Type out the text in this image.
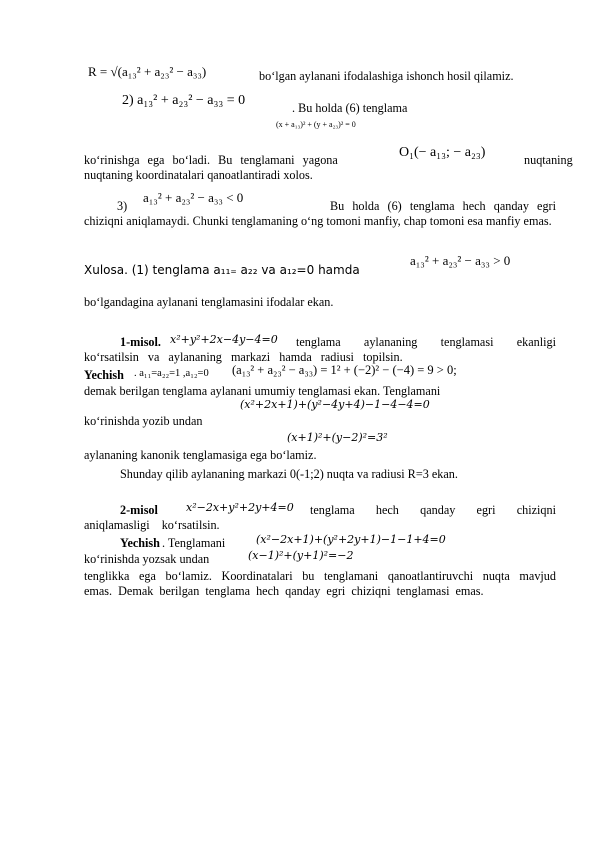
R = √(a₁₃² + a₂₃² − a₃₃)	bo‘lgan aylanani ifodalashiga ishonch hosil qilamiz.
2) a₁₃² + a₂₃² − a₃₃ = 0	. Bu holda (6) tenglama
(x + a₁₃)² + (y + a₂₃)² = 0
ko‘rinishga ega bo‘ladi. Bu tenglamani yagona	O₁(− a₁₃; − a₂₃)	nuqtaning
nuqtaning koordinatalari qanoatlantiradi xolos.
3)
a₁₃² + a₂₃² − a₃₃ < 0
Bu holda (6) tenglama hech qanday egri chiziqni aniqlamaydi. Chunki tenglamaning o‘ng tomoni manfiy, chap tomoni esa manfiy emas.
Xulosa. (1) tenglama a₁₁₌ a₂₂ va a₁₂=0 hamda
a₁₃² + a₂₃² − a₃₃ > 0
bo‘lgandagina aylanani tenglamasini ifodalar ekan.
1-misol. x²+y²+2x−4y−4=0	tenglama aylananing tenglamasi ekanligi ko‘rsatilsin va aylananing markazi hamda radiusi topilsin.
Yechish . a₁₁=a₂₂=1 ,a₁₂=0 (a₁₃² + a₂₃² − a₃₃) = 1² + (−2)² − (−4) = 9 > 0;
demak berilgan tenglama aylanani umumiy tenglamasi ekan. Tenglamani
(x²+2x+1)+(y²−4y+4)−1−4−4=0
ko‘rinishda yozib undan
(x+1)²+(y−2)²=3²
aylananing kanonik tenglamasiga ega bo‘lamiz.
Shunday qilib aylananing markazi 0(-1;2) nuqta va radiusi R=3 ekan.
2-misol	x²−2x+y²+2y+4=0	tenglama hech qanday egri chiziqni aniqlamasligi ko‘rsatilsin.
Yechish . Tenglamani	(x²−2x+1)+(y²+2y+1)−1−1+4=0
ko‘rinishda yozsak undan	(x−1)²+(y+1)²=−2
tenglikka ega bo‘lamiz. Koordinatalari bu tenglamani qanoatlantiruvchi nuqta mavjud emas. Demak berilgan tenglama hech qanday egri chiziqni tenglamasi emas.
